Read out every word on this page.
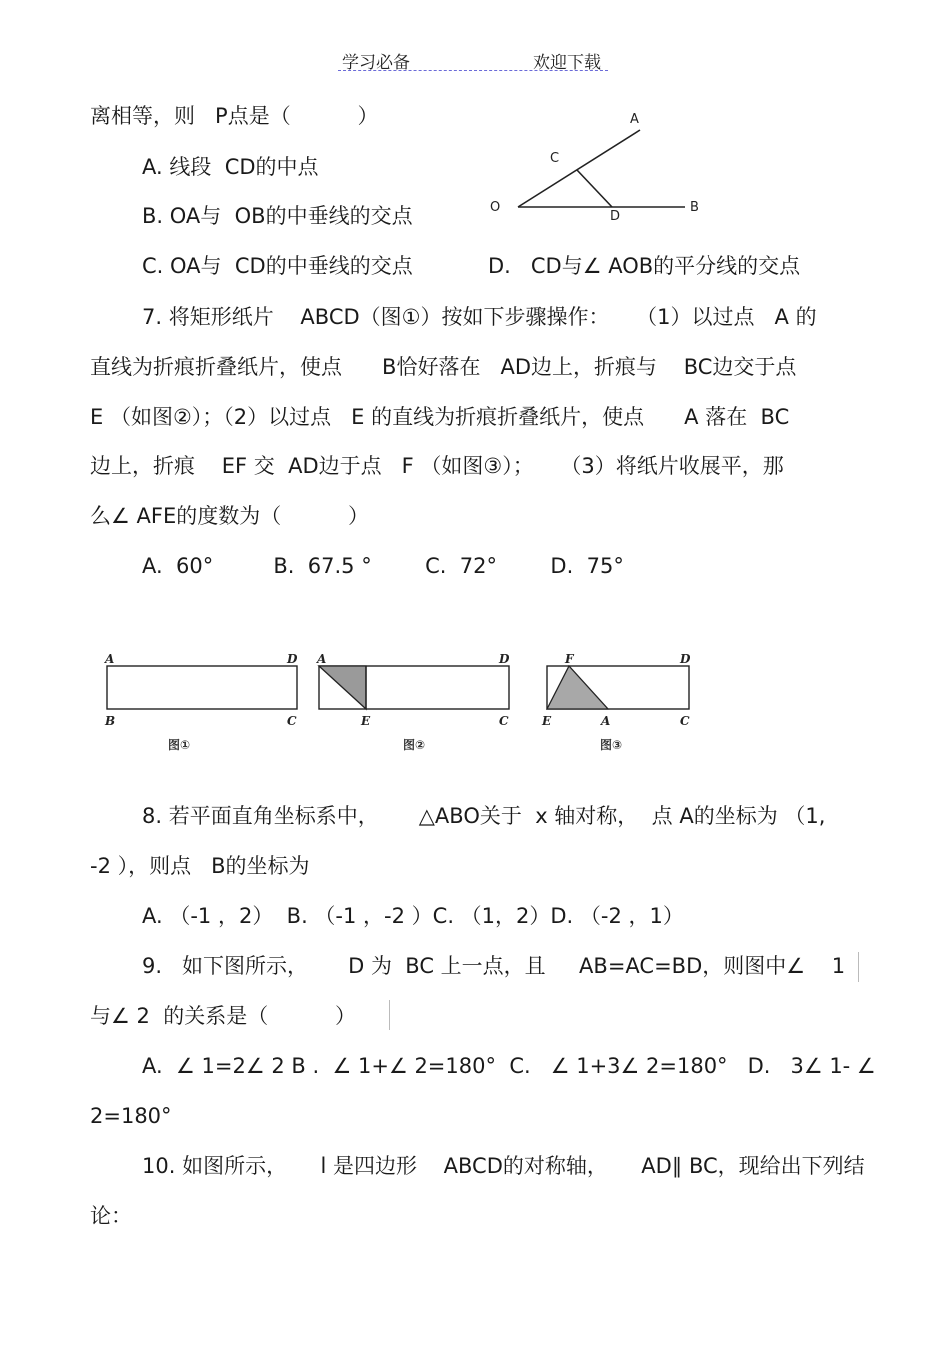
学习必备	欢迎下载
离相等，则   P点是（          ）
A. 线段  CD的中点
B. OA与  OB的中垂线的交点
C. OA与  CD的中垂线的交点	D.   CD与∠ AOB的平分线的交点
O
A
B
C
D
7. 将矩形纸片    ABCD（图①）按如下步骤操作：    （1）以过点   A 的
直线为折痕折叠纸片，使点      B恰好落在   AD边上，折痕与    BC边交于点
E （如图②）；（2）以过点   E 的直线为折痕折叠纸片，使点      A 落在  BC
边上，折痕    EF 交  AD边于点   F （如图③）；    （3）将纸片收展平，那
么∠ AFE的度数为（          ）
A.  60°         B.  67.5 °        C.  72°        D.  75°
A	D
B	C
图①
A	D
E	C
图②
F	D
E	A	C
图③
8. 若平面直角坐标系中，      △ABO关于  x 轴对称，  点 A的坐标为 （1,
-2 ），则点   B的坐标为
A. （-1 ，2）  B. （-1 ，-2 ）C. （1，2）D. （-2 ，1）
9.   如下图所示，      D 为  BC 上一点，且     AB=AC=BD，则图中∠    1
与∠ 2  的关系是（          ）
A.  ∠ 1=2∠ 2 B .  ∠ 1+∠ 2=180°  C.   ∠ 1+3∠ 2=180°   D.   3∠ 1- ∠
2=180°
10. 如图所示，     l 是四边形    ABCD的对称轴，     AD∥ BC，现给出下列结
论：
